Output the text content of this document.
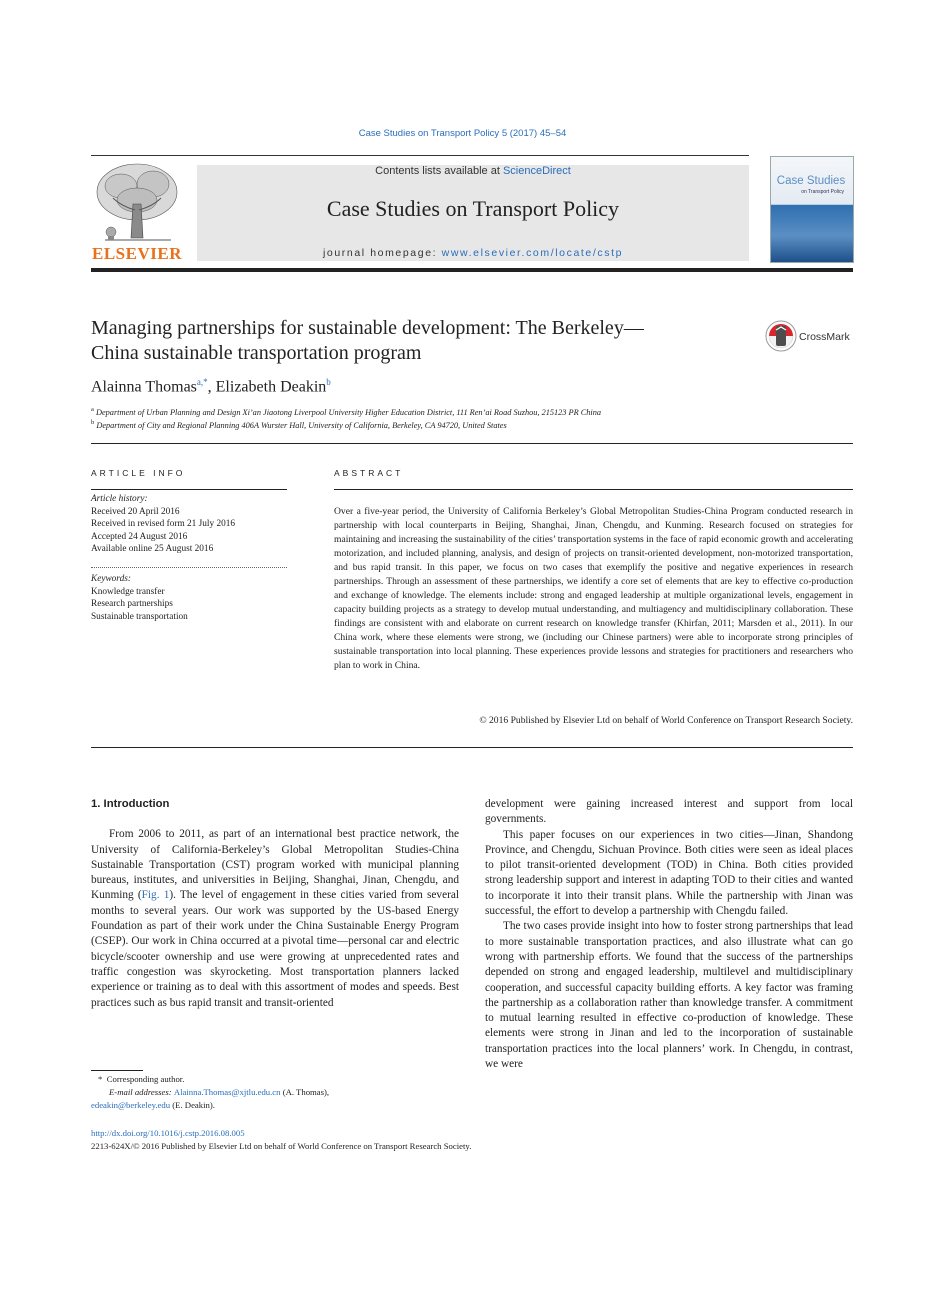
Case Studies on Transport Policy 5 (2017) 45–54
ELSEVIER
Contents lists available at ScienceDirect
Case Studies on Transport Policy
journal homepage: www.elsevier.com/locate/cstp
Case Studies
on Transport Policy
Managing partnerships for sustainable development: The Berkeley—
China sustainable transportation program
CrossMark
Alainna Thomas$^{a,*}$, Elizabeth Deakin$^b$
$^a$ Department of Urban Planning and Design Xi’an Jiaotong Liverpool University Higher Education District, 111 Ren’ai Road Suzhou, 215123 PR China
$^b$ Department of City and Regional Planning 406A Wurster Hall, University of California, Berkeley, CA 94720, United States
ARTICLE INFO
Article history:
Received 20 April 2016
Received in revised form 21 July 2016
Accepted 24 August 2016
Available online 25 August 2016
Keywords:
Knowledge transfer
Research partnerships
Sustainable transportation
ABSTRACT
Over a five-year period, the University of California Berkeley’s Global Metropolitan Studies-China Program conducted research in partnership with local counterparts in Beijing, Shanghai, Jinan, Chengdu, and Kunming. Research focused on strategies for maintaining and increasing the sustainability of the cities’ transportation systems in the face of rapid economic growth and accelerating motorization, and included planning, analysis, and design of projects on transit-oriented development, non-motorized transportation, and bus rapid transit. In this paper, we focus on two cases that exemplify the positive and negative experiences in research partnerships. Through an assessment of these partnerships, we identify a core set of elements that are key to effective co-production and exchange of knowledge. The elements include: strong and engaged leadership at multiple organizational levels, engagement in capacity building projects as a strategy to develop mutual understanding, and multiagency and multidisciplinary collaboration. These findings are consistent with and elaborate on current research on knowledge transfer (Khirfan, 2011; Marsden et al., 2011). In our China work, where these elements were strong, we (including our Chinese partners) were able to incorporate strong principles of sustainable transportation into local planning. These experiences provide lessons and strategies for practitioners and researchers who plan to work in China.
© 2016 Published by Elsevier Ltd on behalf of World Conference on Transport Research Society.
1. Introduction

From 2006 to 2011, as part of an international best practice network, the University of California-Berkeley’s Global Metropolitan Studies-China Sustainable Transportation (CST) program worked with municipal planning bureaus, institutes, and universities in Beijing, Shanghai, Jinan, Chengdu, and Kunming (Fig. 1). The level of engagement in these cities varied from several months to several years. Our work was supported by the US-based Energy Foundation as part of their work under the China Sustainable Energy Program (CSEP). Our work in China occurred at a pivotal time—personal car and electric bicycle/scooter ownership and use were growing at unprecedented rates and traffic congestion was skyrocketing. Most transportation planners lacked experience or training as to deal with this assortment of modes and speeds. Best practices such as bus rapid transit and transit-oriented

development were gaining increased interest and support from local governments.

This paper focuses on our experiences in two cities—Jinan, Shandong Province, and Chengdu, Sichuan Province. Both cities were seen as ideal places to pilot transit-oriented development (TOD) in China. Both cities provided strong leadership support and interest in adapting TOD to their cities and wanted to incorporate it into their transit plans. While the partnership with Jinan was successful, the effort to develop a partnership with Chengdu failed.

The two cases provide insight into how to foster strong partnerships that lead to more sustainable transportation practices, and also illustrate what can go wrong with partnership efforts. We found that the success of the partnerships depended on strong and engaged leadership, multilevel and multidisciplinary cooperation, and successful capacity building efforts. A key factor was framing the partnership as a collaboration rather than knowledge transfer. A commitment to mutual learning resulted in effective co-production of knowledge. These elements were strong in Jinan and led to the incorporation of sustainable transportation practices into the local planners’ work. In Chengdu, in contrast, we were

* Corresponding author.
E-mail addresses: Alainna.Thomas@xjtlu.edu.cn (A. Thomas),
edeakin@berkeley.edu (E. Deakin).
http://dx.doi.org/10.1016/j.cstp.2016.08.005
2213-624X/© 2016 Published by Elsevier Ltd on behalf of World Conference on Transport Research Society.
